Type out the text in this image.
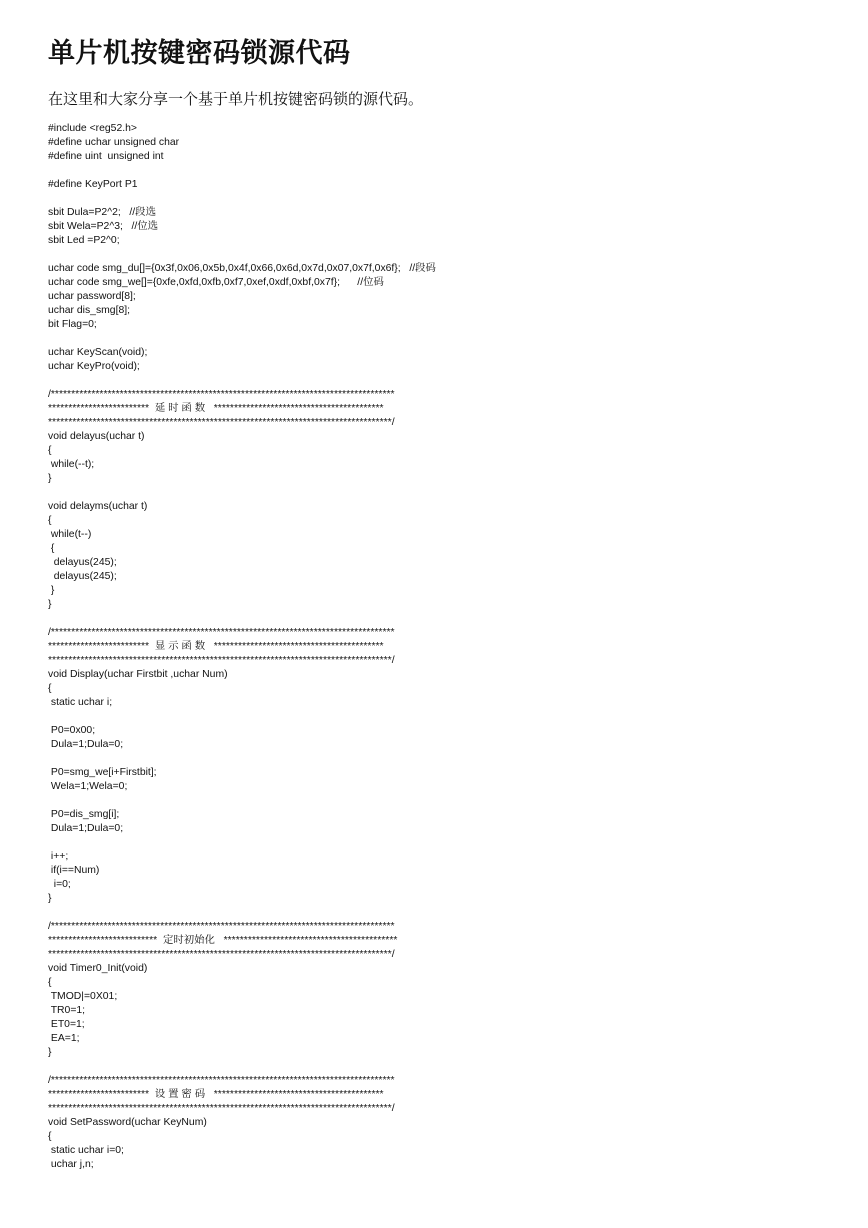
单片机按键密码锁源代码
在这里和大家分享一个基于单片机按键密码锁的源代码。
#include <reg52.h>
#define uchar unsigned char
#define uint  unsigned int
#define KeyPort P1
sbit Dula=P2^2;   //段选
sbit Wela=P2^3;   //位选
sbit Led =P2^0;
uchar code smg_du[]={0x3f,0x06,0x5b,0x4f,0x66,0x6d,0x7d,0x07,0x7f,0x6f};   //段码
uchar code smg_we[]={0xfe,0xfd,0xfb,0xf7,0xef,0xdf,0xbf,0x7f};      //位码
uchar password[8];
uchar dis_smg[8];
bit Flag=0;
uchar KeyScan(void);
uchar KeyPro(void);
/*************************************************************************************
*************************  延 时 函 数   ******************************************
*************************************************************************************/
void delayus(uchar t)
{
while(--t);
}
void delayms(uchar t)
{
while(t--)
{
delayus(245);
delayus(245);
}
}
/*************************************************************************************
*************************  显 示 函 数   ******************************************
*************************************************************************************/
void Display(uchar Firstbit ,uchar Num)
{
static uchar i;
P0=0x00;
Dula=1;Dula=0;
P0=smg_we[i+Firstbit];
Wela=1;Wela=0;
P0=dis_smg[i];
Dula=1;Dula=0;
i++;
if(i==Num)
i=0;
}
/*************************************************************************************
***************************  定时初始化   *******************************************
*************************************************************************************/
void Timer0_Init(void)
{
TMOD|=0X01;
TR0=1;
ET0=1;
EA=1;
}
/*************************************************************************************
*************************  设 置 密 码   ******************************************
*************************************************************************************/
void SetPassword(uchar KeyNum)
{
static uchar i=0;
uchar j,n;
